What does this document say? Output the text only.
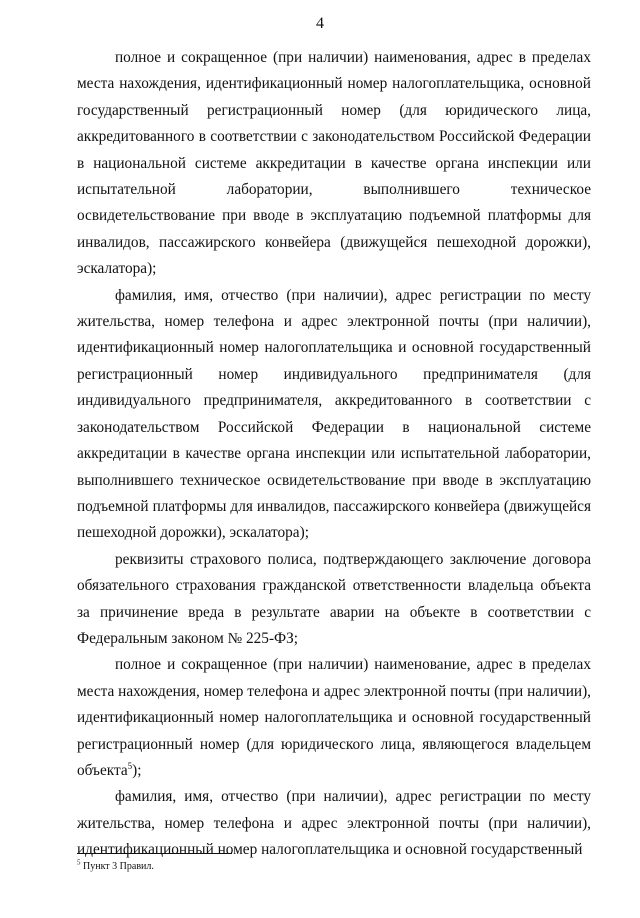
4

полное и сокращенное (при наличии) наименования, адрес в пределах места нахождения, идентификационный номер налогоплательщика, основной государственный регистрационный номер (для юридического лица, аккредитованного в соответствии с законодательством Российской Федерации в национальной системе аккредитации в качестве органа инспекции или испытательной лаборатории, выполнившего техническое освидетельствование при вводе в эксплуатацию подъемной платформы для инвалидов, пассажирского конвейера (движущейся пешеходной дорожки), эскалатора);

фамилия, имя, отчество (при наличии), адрес регистрации по месту жительства, номер телефона и адрес электронной почты (при наличии), идентификационный номер налогоплательщика и основной государственный регистрационный номер индивидуального предпринимателя (для индивидуального предпринимателя, аккредитованного в соответствии с законодательством Российской Федерации в национальной системе аккредитации в качестве органа инспекции или испытательной лаборатории, выполнившего техническое освидетельствование при вводе в эксплуатацию подъемной платформы для инвалидов, пассажирского конвейера (движущейся пешеходной дорожки), эскалатора);

реквизиты страхового полиса, подтверждающего заключение договора обязательного страхования гражданской ответственности владельца объекта за причинение вреда в результате аварии на объекте в соответствии с Федеральным законом № 225-ФЗ;

полное и сокращенное (при наличии) наименование, адрес в пределах места нахождения, номер телефона и адрес электронной почты (при наличии), идентификационный номер налогоплательщика и основной государственный регистрационный номер (для юридического лица, являющегося владельцем объекта$^5$);

фамилия, имя, отчество (при наличии), адрес регистрации по месту жительства, номер телефона и адрес электронной почты (при наличии), идентификационный номер налогоплательщика и основной государственный

$^5$ Пункт 3 Правил.
